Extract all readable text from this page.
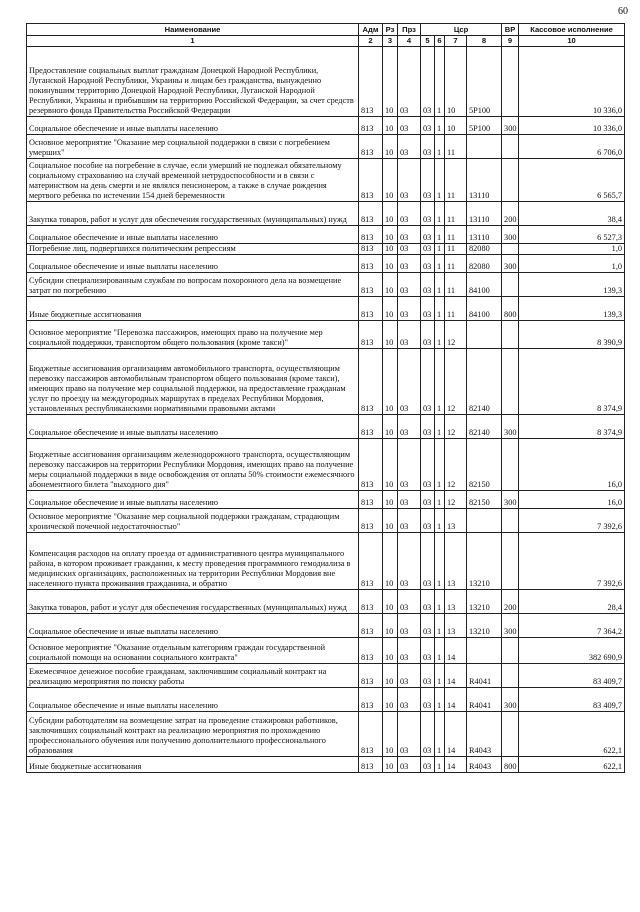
60
Наименование	Адм	Рз	Прз	Цср				ВР	Кассовое исполнение
1	2	3	4	5	6	7	8	9	10
Предоставление социальных выплат гражданам Донецкой Народной Республики, Луганской Народной Республики, Украины и лицам без гражданства, вынужденно покинувшим территорию Донецкой Народной Республики, Луганской Народной Республики, Украины и прибывшим на территорию Российской Федерации, за счет средств резервного фонда Правительства Российской Федерации	813	10	03	03	1	10	5Р100		10 336,0
Социальное обеспечение и иные выплаты населению	813	10	03	03	1	10	5Р100	300	10 336,0
Основное мероприятие "Оказание мер социальной поддержки в связи с погребением умерших"	813	10	03	03	1	11			6 706,0
Социальное пособие на погребение в случае, если умерший не подлежал обязательному социальному страхованию на случай временной нетрудоспособности и в связи с материнством на день смерти и не являлся пенсионером, а также в случае рождения мертвого ребенка по истечении 154 дней беременности	813	10	03	03	1	11	13110		6 565,7
Закупка товаров, работ и услуг для обеспечения государственных (муниципальных) нужд	813	10	03	03	1	11	13110	200	38,4
Социальное обеспечение и иные выплаты населению	813	10	03	03	1	11	13110	300	6 527,3
Погребение лиц, подвергшихся политическим репрессиям	813	10	03	03	1	11	82080		1,0
Социальное обеспечение и иные выплаты населению	813	10	03	03	1	11	82080	300	1,0
Субсидии специализированным службам по вопросам похоронного дела на возмещение затрат по погребению	813	10	03	03	1	11	84100		139,3
Иные бюджетные ассигнования	813	10	03	03	1	11	84100	800	139,3
Основное мероприятие "Перевозка пассажиров, имеющих право на получение мер социальной поддержки, транспортом общего пользования (кроме такси)"	813	10	03	03	1	12			8 390,9
Бюджетные ассигнования организациям автомобильного транспорта, осуществляющим перевозку пассажиров автомобильным транспортом общего пользования (кроме такси), имеющих право на получение мер социальной поддержки, на предоставление гражданам услуг по проезду на междугородных маршрутах в пределах Республики Мордовия, установленных республиканскими нормативными правовыми актами	813	10	03	03	1	12	82140		8 374,9
Социальное обеспечение и иные выплаты населению	813	10	03	03	1	12	82140	300	8 374,9
Бюджетные ассигнования организациям железнодорожного транспорта, осуществляющим перевозку пассажиров на территории Республики Мордовия, имеющих право на получение меры социальной поддержки в виде освобождения от оплаты 50% стоимости ежемесячного абонементного билета "выходного дня"	813	10	03	03	1	12	82150		16,0
Социальное обеспечение и иные выплаты населению	813	10	03	03	1	12	82150	300	16,0
Основное мероприятие "Оказание мер социальной поддержки гражданам, страдающим хронической почечной недостаточностью"	813	10	03	03	1	13			7 392,6
Компенсация расходов на оплату проезда от административного центра муниципального района, в котором проживает гражданин, к месту проведения программного гемодиализа в медицинских организациях, расположенных на территории Республики Мордовия вне населенного пункта проживания гражданина, и обратно	813	10	03	03	1	13	13210		7 392,6
Закупка товаров, работ и услуг для обеспечения государственных (муниципальных) нужд	813	10	03	03	1	13	13210	200	28,4
Социальное обеспечение и иные выплаты населению	813	10	03	03	1	13	13210	300	7 364,2
Основное мероприятие "Оказание отдельным категориям граждан государственной социальной помощи на основании социального контракта"	813	10	03	03	1	14			382 690,9
Ежемесячное денежное пособие гражданам, заключившим социальный контракт на реализацию мероприятия по поиску работы	813	10	03	03	1	14	R4041		83 409,7
Социальное обеспечение и иные выплаты населению	813	10	03	03	1	14	R4041	300	83 409,7
Субсидии работодателям на возмещение затрат на проведение стажировки работников, заключивших социальный контракт на реализацию мероприятия по прохождению профессионального обучения или получению дополнительного профессионального образования	813	10	03	03	1	14	R4043		622,1
Иные бюджетные ассигнования	813	10	03	03	1	14	R4043	800	622,1
